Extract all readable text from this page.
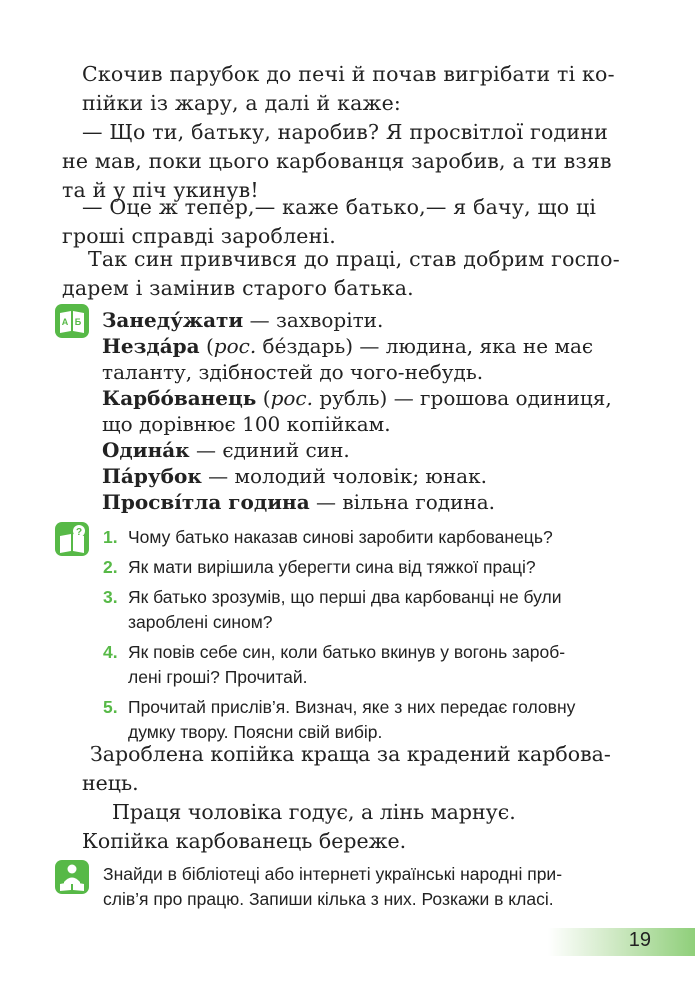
Скочив парубок до печі й почав вигрібати ті ко-
пійки із жару, а далі й каже:
— Що ти, батьку, наробив? Я просвітлої години
не мав, поки цього карбованця заробив, а ти взяв
та й у піч укинув!
— Оце ж тепер,— каже батько,— я бачу, що ці
гроші справді зароблені.
Так син привчився до праці, став добрим госпо-
дарем і замінив старого батька.
А Б Занеду́жати — захворіти.
Незда́ра (рос. бе́здарь) — людина, яка не має
таланту, здібностей до чого-небудь.
Карбо́ванець (рос. рубль) — грошова одиниця,
що дорівнює 100 копійкам.
Одина́к — єдиний син.
Па́рубок — молодий чоловік; юнак.
Просві́тла година — вільна година.
? 1. Чому батько наказав синові заробити карбованець?
2. Як мати вирішила уберегти сина від тяжкої праці?
3. Як батько зрозумів, що перші два карбованці не були
зароблені сином?
4. Як повів себе син, коли батько вкинув у вогонь зароб-
лені гроші? Прочитай.
5. Прочитай прислів’я. Визнач, яке з них передає головну
думку твору. Поясни свій вибір.
Зароблена копійка краща за крадений карбова-
нець.
Праця чоловіка годує, а лінь марнує.
Копійка карбованець береже.
Знайди в бібліотеці або інтернеті українські народні при-
слів’я про працю. Запиши кілька з них. Розкажи в класі.
19
